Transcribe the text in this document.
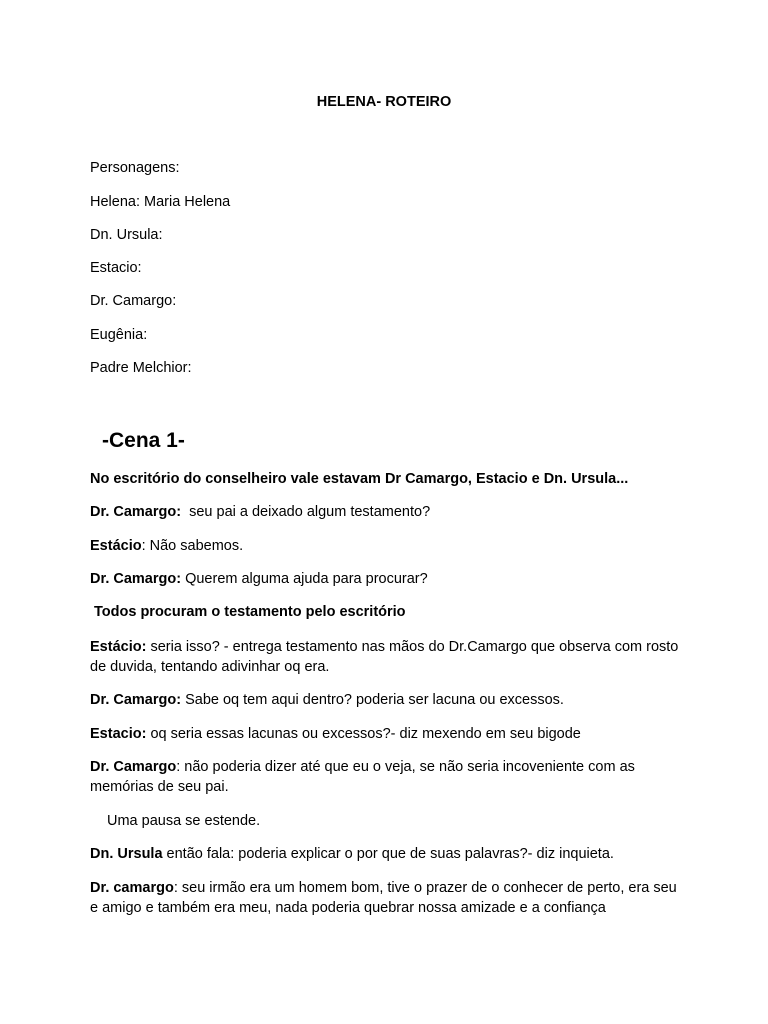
HELENA- ROTEIRO
Personagens:
Helena: Maria Helena
Dn. Ursula:
Estacio:
Dr. Camargo:
Eugênia:
Padre Melchior:
-Cena 1-
No escritório do conselheiro vale estavam Dr Camargo, Estacio e Dn. Ursula...
Dr. Camargo:  seu pai a deixado algum testamento?
Estácio: Não sabemos.
Dr. Camargo: Querem alguma ajuda para procurar?
Todos procuram o testamento pelo escritório
Estácio: seria isso? - entrega testamento nas mãos do Dr.Camargo que observa com rosto de duvida, tentando adivinhar oq era.
Dr. Camargo: Sabe oq tem aqui dentro? poderia ser lacuna ou excessos.
Estacio: oq seria essas lacunas ou excessos?- diz mexendo em seu bigode
Dr. Camargo: não poderia dizer até que eu o veja, se não seria incoveniente com as memórias de seu pai.
Uma pausa se estende.
Dn. Ursula então fala: poderia explicar o por que de suas palavras?- diz inquieta.
Dr. camargo: seu irmão era um homem bom, tive o prazer de o conhecer de perto, era seu e amigo e também era meu, nada poderia quebrar nossa amizade e a confiança
